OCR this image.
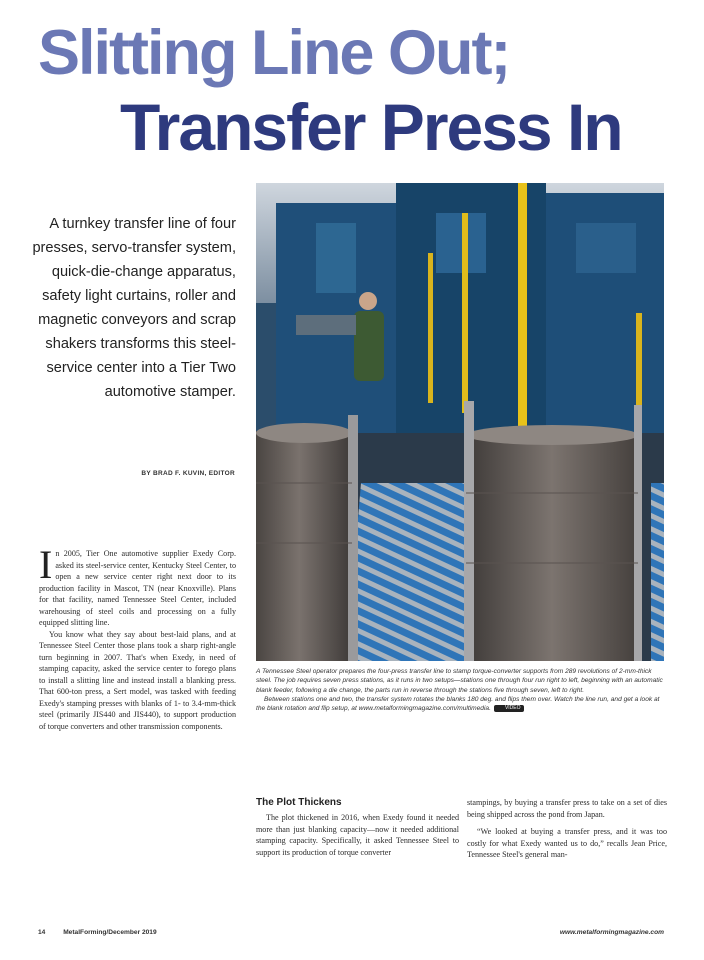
Slitting Line Out;
Transfer Press In
A turnkey transfer line of four presses, servo-transfer system, quick-die-change apparatus, safety light curtains, roller and magnetic conveyors and scrap shakers transforms this steel-service center into a Tier Two automotive stamper.
BY BRAD F. KUVIN, EDITOR

A Tennessee Steel operator prepares the four-press transfer line to stamp torque-converter supports from 289 revolutions of 2-mm-thick steel. The job requires seven press stations, as it runs in two setups—stations one through four run right to left, beginning with an automatic blank feeder, following a die change, the parts run in reverse through the stations five through seven, left to right.

Between stations one and two, the transfer system rotates the blanks 180 deg. and flips them over. Watch the line run, and get a look at the blank rotation and flip setup, at www.metalformingmagazine.com/multimedia.	VIDEO

In 2005, Tier One automotive supplier Exedy Corp. asked its steel-service center, Kentucky Steel Center, to open a new service center right next door to its production facility in Mascot, TN (near Knoxville). Plans for that facility, named Tennessee Steel Center, included warehousing of steel coils and processing on a fully equipped slitting line.

You know what they say about best-laid plans, and at Tennessee Steel Center those plans took a sharp right-angle turn beginning in 2007. That's when Exedy, in need of stamping capacity, asked the service center to forego plans to install a slitting line and instead install a blanking press. That 600-ton press, a Sert model, was tasked with feeding Exedy's stamping presses with blanks of 1- to 3.4-mm-thick steel (primarily JIS440 and JIS440), to support production of torque converters and other transmission components.

The Plot Thickens

The plot thickened in 2016, when Exedy found it needed more than just blanking capacity—now it needed additional stamping capacity. Specifically, it asked Tennessee Steel to support its production of torque converter

stampings, by buying a transfer press to take on a set of dies being shipped across the pond from Japan.

“We looked at buying a transfer press, and it was too costly for what Exedy wanted us to do,” recalls Jean Price, Tennessee Steel's general man-

14	MetalForming/December 2019	www.metalformingmagazine.com
